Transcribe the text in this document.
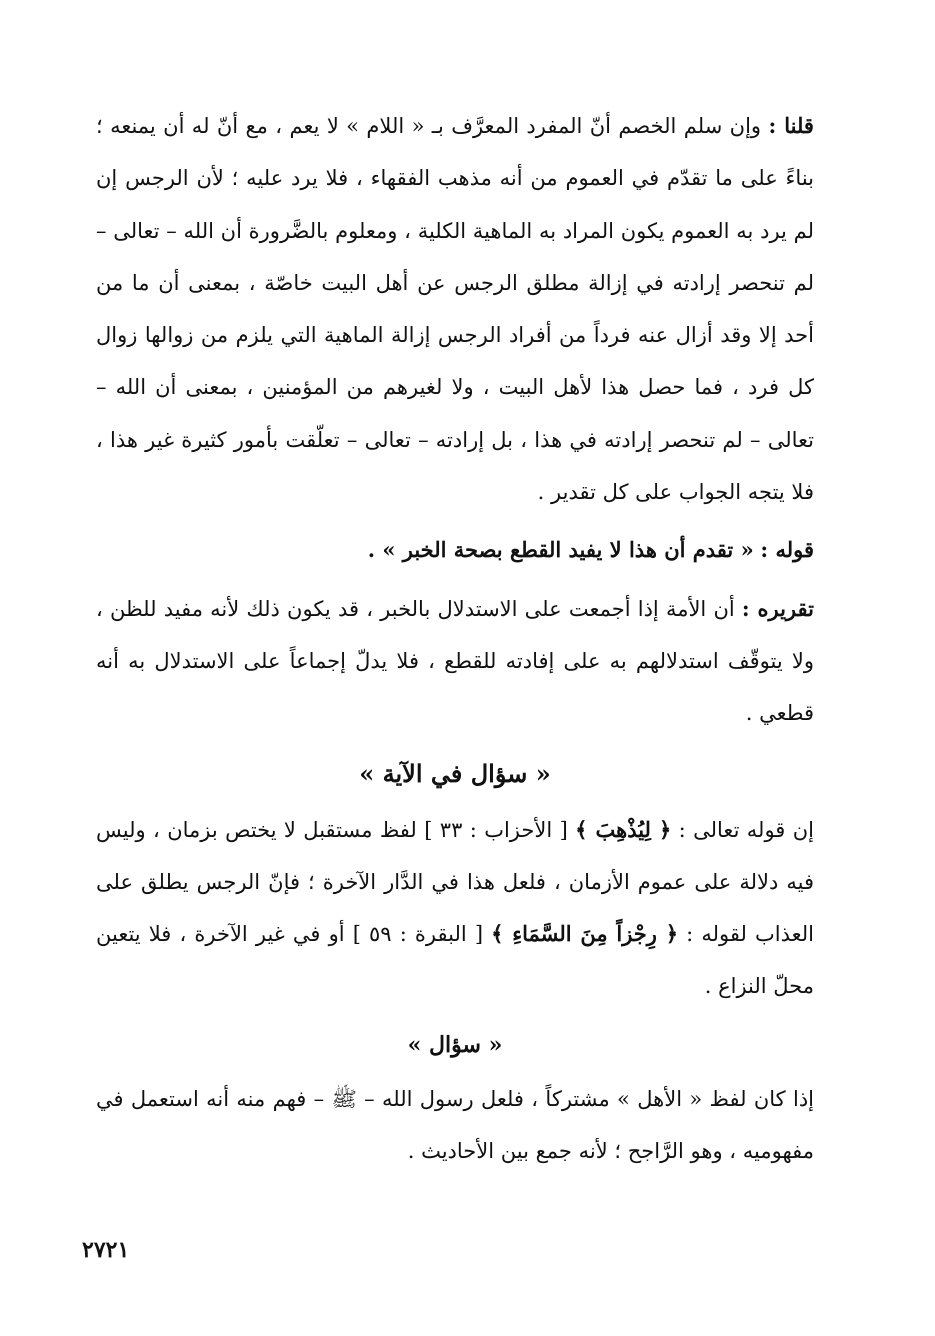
قلنا : وإن سلم الخصم أنّ المفرد المعرَّف بـ « اللام » لا يعم ، مع أنّ له أن يمنعه ؛ بناءً على ما تقدّم في العموم من أنه مذهب الفقهاء ، فلا يرد عليه ؛ لأن الرجس إن لم يرد به العموم يكون المراد به الماهية الكلية ، ومعلوم بالضَّرورة أن الله – تعالى – لم تنحصر إرادته في إزالة مطلق الرجس عن أهل البيت خاصّة ، بمعنى أن ما من أحد إلا وقد أزال عنه فرداً من أفراد الرجس إزالة الماهية التي يلزم من زوالها زوال كل فرد ، فما حصل هذا لأهل البيت ، ولا لغيرهم من المؤمنين ، بمعنى أن الله – تعالى – لم تنحصر إرادته في هذا ، بل إرادته – تعالى – تعلّقت بأمور كثيرة غير هذا ، فلا يتجه الجواب على كل تقدير .

قوله : « تقدم أن هذا لا يفيد القطع بصحة الخبر » .

تقريره : أن الأمة إذا أجمعت على الاستدلال بالخبر ، قد يكون ذلك لأنه مفيد للظن ، ولا يتوقّف استدلالهم به على إفادته للقطع ، فلا يدلّ إجماعاً على الاستدلال به أنه قطعي .

« سؤال في الآية »

إن قوله تعالى : ﴿ لِيُذْهِبَ ﴾ [ الأحزاب : ٣٣ ] لفظ مستقبل لا يختص بزمان ، وليس فيه دلالة على عموم الأزمان ، فلعل هذا في الدَّار الآخرة ؛ فإنّ الرجس يطلق على العذاب لقوله : ﴿ رِجْزاً مِنَ السَّمَاءِ ﴾ [ البقرة : ٥٩ ] أو في غير الآخرة ، فلا يتعين محلّ النزاع .

« سؤال »

إذا كان لفظ « الأهل » مشتركاً ، فلعل رسول الله – ﷺ – فهم منه أنه استعمل في مفهوميه ، وهو الرَّاجح ؛ لأنه جمع بين الأحاديث .

٢٧٢١
